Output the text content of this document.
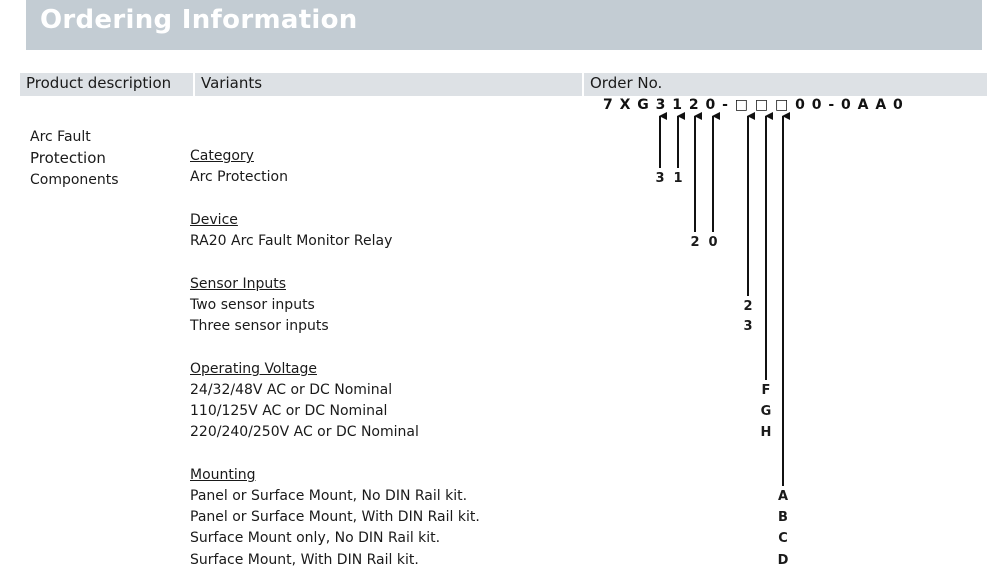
Ordering Information
Product description Variants	Order No.
7 X G 3 1 2 0 - □ □ □ 0 0 - 0 A A 0
Arc Fault
Protection
Components
Category
Arc Protection
Device
RA20 Arc Fault Monitor Relay
Sensor Inputs
Two sensor inputs
Three sensor inputs
Operating Voltage
24/32/48V AC or DC Nominal
110/125V AC or DC Nominal
220/240/250V AC or DC Nominal
Mounting
Panel or Surface Mount, No DIN Rail kit.
Panel or Surface Mount, With DIN Rail kit.
Surface Mount only, No DIN Rail kit.
Surface Mount, With DIN Rail kit.
3 1
2 0
2
3
F
G
H
A
B
C
D
